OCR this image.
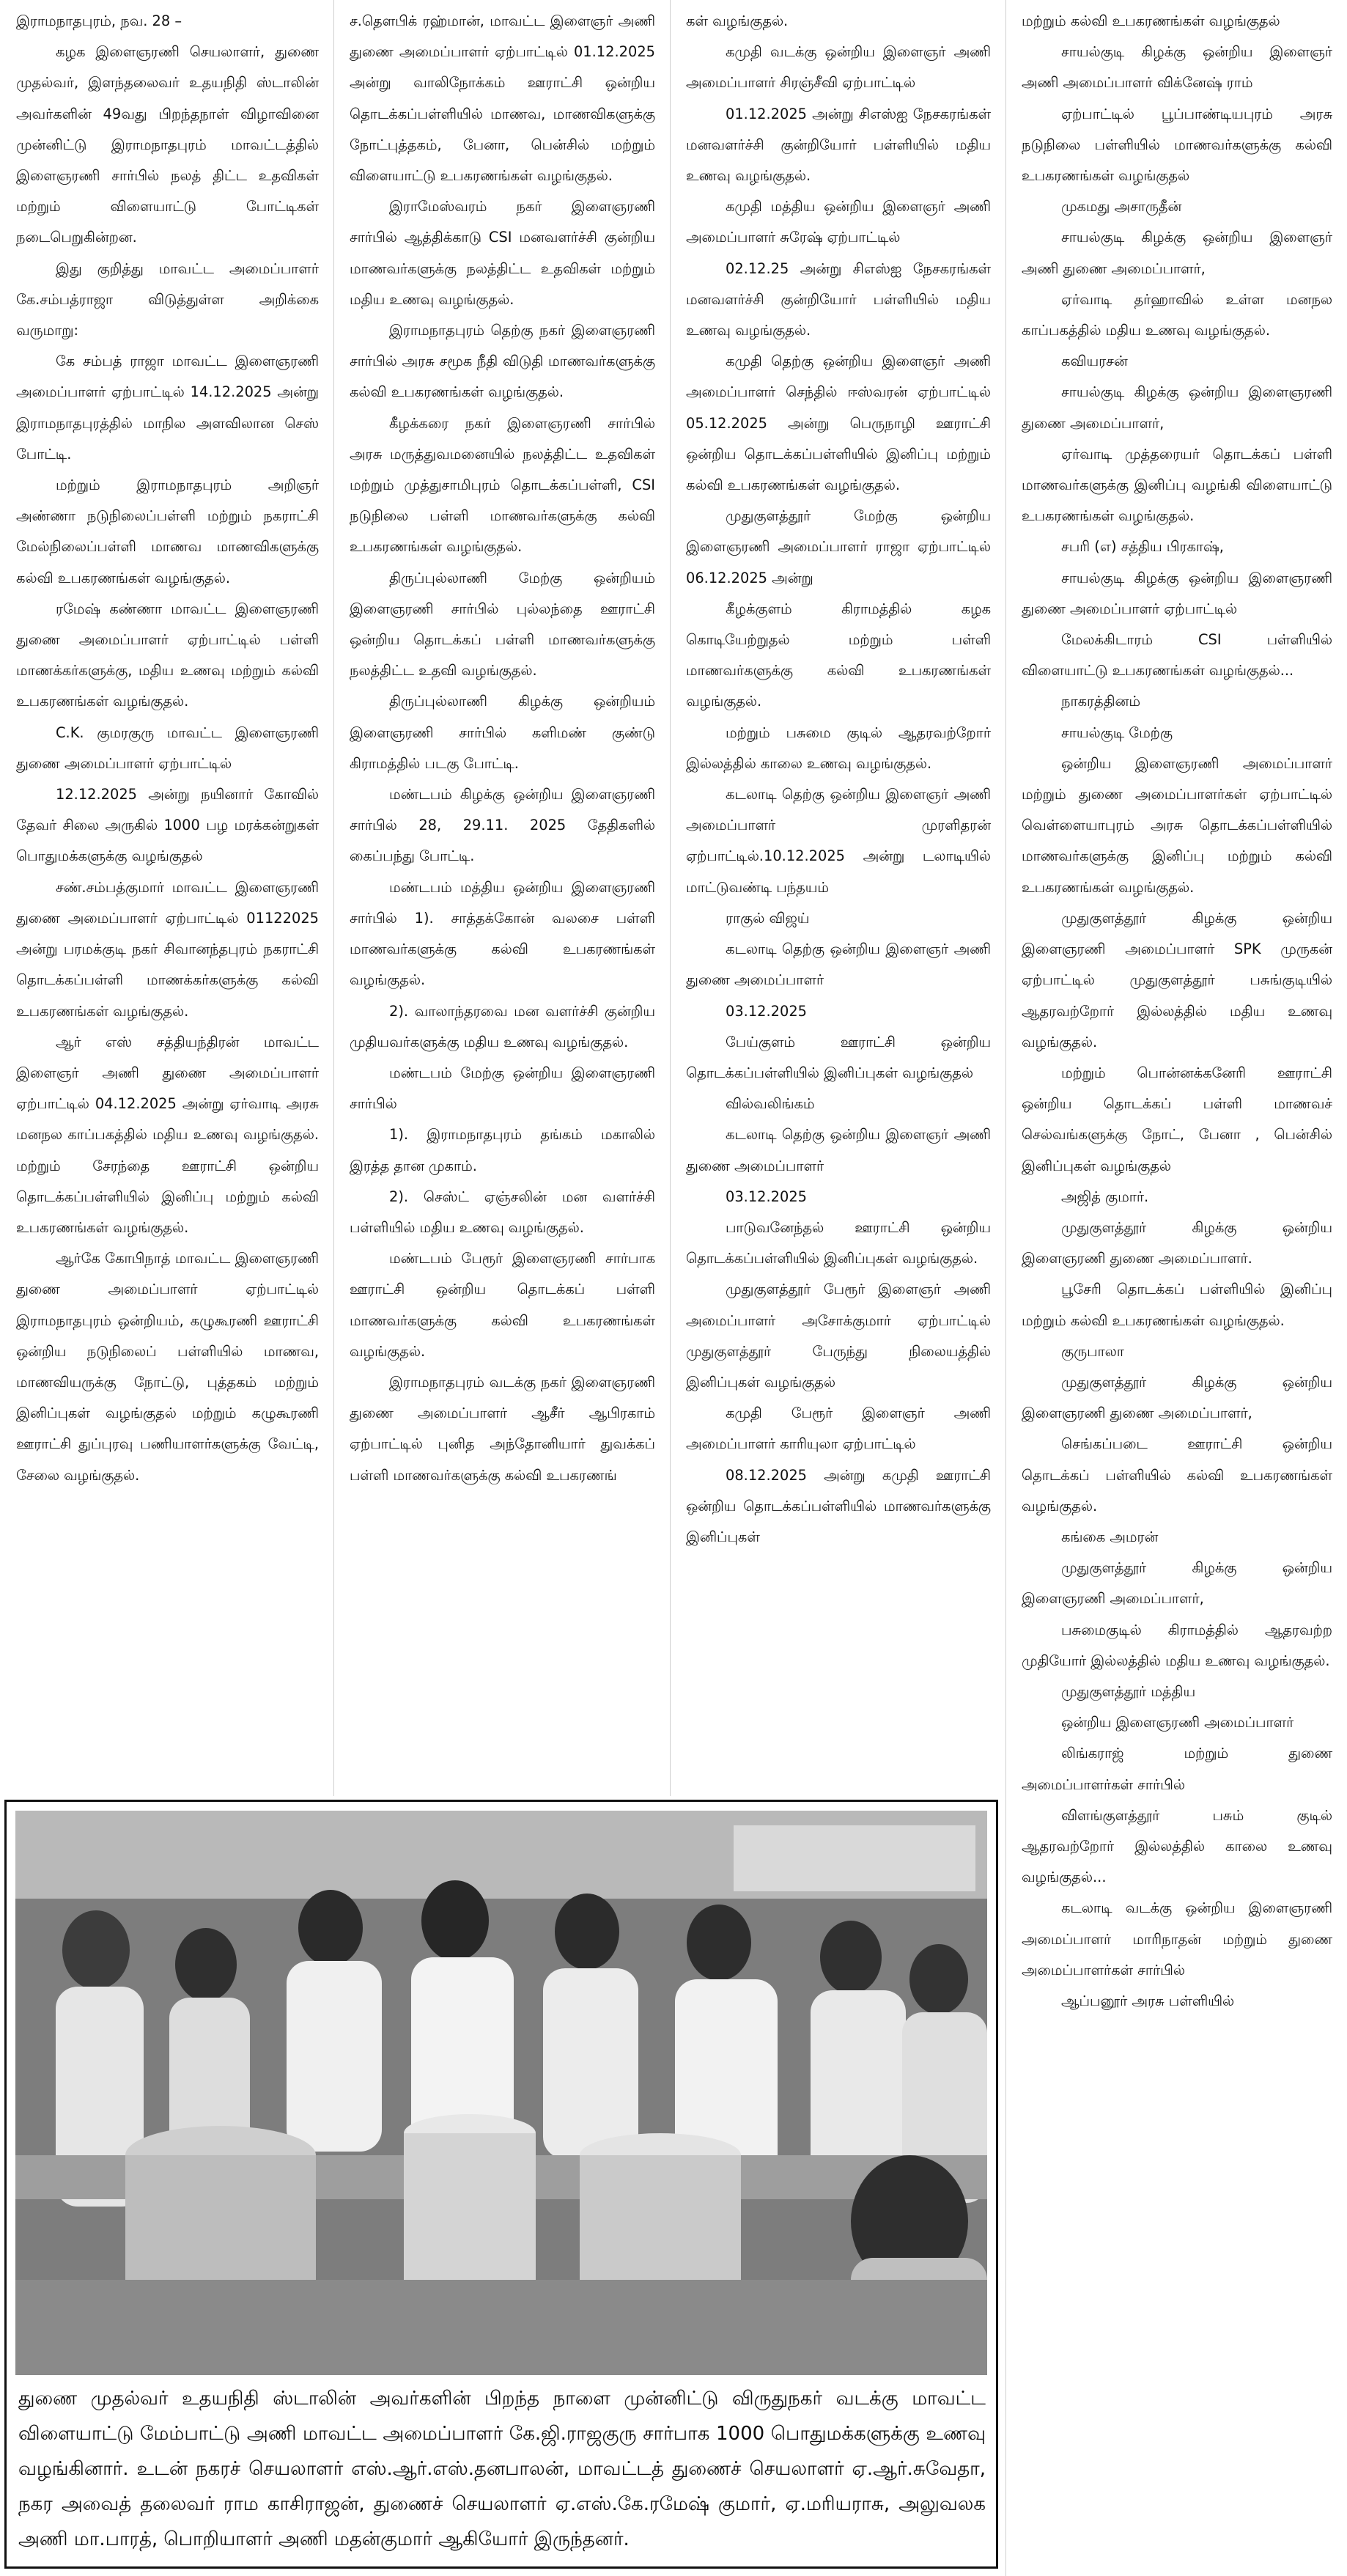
இராமநாதபுரம், நவ. 28 –

கழக இளைஞரணி செயலாளர், துணை முதல்வர், இளந்தலைவர் உதயநிதி ஸ்டாலின் அவர்களின் 49வது பிறந்தநாள் விழாவினை முன்னிட்டு இராமநாதபுரம் மாவட்டத்தில் இளைஞரணி சார்பில் நலத் திட்ட உதவிகள் மற்றும் விளையாட்டு போட்டிகள் நடைபெறுகின்றன.

இது குறித்து மாவட்ட அமைப்பாளர் கே.சம்பத்ராஜா விடுத்துள்ள அறிக்கை வருமாறு:

கே சம்பத் ராஜா மாவட்ட இளைஞரணி அமைப்பாளர் ஏற்பாட்டில் 14.12.2025 அன்று இராமநாதபுரத்தில் மாநில அளவிலான செஸ் போட்டி.

மற்றும் இராமநாதபுரம் அறிஞர் அண்ணா நடுநிலைப்பள்ளி மற்றும் நகராட்சி மேல்நிலைப்பள்ளி மாணவ மாணவிகளுக்கு கல்வி உபகரணங்கள் வழங்குதல்.

ரமேஷ் கண்ணா மாவட்ட இளைஞரணி துணை அமைப்பாளர் ஏற்பாட்டில் பள்ளி மாணக்கர்களுக்கு, மதிய உணவு மற்றும் கல்வி உபகரணங்கள் வழங்குதல்.

C.K. குமரகுரு மாவட்ட இளைஞரணி துணை அமைப்பாளர் ஏற்பாட்டில்

12.12.2025 அன்று நயினார் கோவில் தேவர் சிலை அருகில் 1000 பழ மரக்கன்றுகள் பொதுமக்களுக்கு வழங்குதல்

சண்.சம்பத்குமார் மாவட்ட இளைஞரணி துணை அமைப்பாளர் ஏற்பாட்டில் 01122025 அன்று பரமக்குடி நகர் சிவானந்தபுரம் நகராட்சி தொடக்கப்பள்ளி மாணக்கர்களுக்கு கல்வி உபகரணங்கள் வழங்குதல்.

ஆர் எஸ் சத்தியந்திரன் மாவட்ட இளைஞர் அணி துணை அமைப்பாளர் ஏற்பாட்டில் 04.12.2025 அன்று ஏர்வாடி அரசு மனநல காப்பகத்தில் மதிய உணவு வழங்குதல். மற்றும் சேரந்தை ஊராட்சி ஒன்றிய தொடக்கப்பள்ளியில் இனிப்பு மற்றும் கல்வி உபகரணங்கள் வழங்குதல்.

ஆர்கே கோபிநாத் மாவட்ட இளைஞரணி துணை அமைப்பாளர் ஏற்பாட்டில் இராமநாதபுரம் ஒன்றியம், கழுகூரணி ஊராட்சி ஒன்றிய நடுநிலைப் பள்ளியில் மாணவ, மாணவியருக்கு நோட்டு, புத்தகம் மற்றும் இனிப்புகள் வழங்குதல் மற்றும் கழுகூரணி ஊராட்சி துப்புரவு பணியாளர்களுக்கு வேட்டி, சேலை வழங்குதல்.

ச.தௌபிக் ரஹ்மான், மாவட்ட இளைஞர் அணி துணை அமைப்பாளர் ஏற்பாட்டில் 01.12.2025 அன்று வாலிநோக்கம் ஊராட்சி ஒன்றிய தொடக்கப்பள்ளியில் மாணவ, மாணவிகளுக்கு நோட்புத்தகம், பேனா, பென்சில் மற்றும் விளையாட்டு உபகரணங்கள் வழங்குதல்.

இராமேஸ்வரம் நகர் இளைஞரணி சார்பில் ஆத்திக்காடு CSI மனவளர்ச்சி குன்றிய மாணவர்களுக்கு நலத்திட்ட உதவிகள் மற்றும் மதிய உணவு வழங்குதல்.

இராமநாதபுரம் தெற்கு நகர் இளைஞரணி சார்பில் அரசு சமூக நீதி விடுதி மாணவர்களுக்கு கல்வி உபகரணங்கள் வழங்குதல்.

கீழக்கரை நகர் இளைஞரணி சார்பில் அரசு மருத்துவமனையில் நலத்திட்ட உதவிகள் மற்றும் முத்துசாமிபுரம் தொடக்கப்பள்ளி, CSI நடுநிலை பள்ளி மாணவர்களுக்கு கல்வி உபகரணங்கள் வழங்குதல்.

திருப்புல்லாணி மேற்கு ஒன்றியம் இளைஞரணி சார்பில் புல்லந்தை ஊராட்சி ஒன்றிய தொடக்கப் பள்ளி மாணவர்களுக்கு நலத்திட்ட உதவி வழங்குதல்.

திருப்புல்லாணி கிழக்கு ஒன்றியம் இளைஞரணி சார்பில் களிமண் குண்டு கிராமத்தில் படகு போட்டி.

மண்டபம் கிழக்கு ஒன்றிய இளைஞரணி சார்பில் 28, 29.11. 2025 தேதிகளில் கைப்பந்து போட்டி.

மண்டபம் மத்திய ஒன்றிய இளைஞரணி சார்பில் 1). சாத்தக்கோன் வலசை பள்ளி மாணவர்களுக்கு கல்வி உபகரணங்கள் வழங்குதல்.

2). வாலாந்தரவை மன வளர்ச்சி குன்றிய முதியவர்களுக்கு மதிய உணவு வழங்குதல்.

மண்டபம் மேற்கு ஒன்றிய இளைஞரணி சார்பில்

1). இராமநாதபுரம் தங்கம் மகாலில் இரத்த தான முகாம்.

2). செஸ்ட் ஏஞ்சலின் மன வளர்ச்சி பள்ளியில் மதிய உணவு வழங்குதல்.

மண்டபம் பேரூர் இளைஞரணி சார்பாக ஊராட்சி ஒன்றிய தொடக்கப் பள்ளி மாணவர்களுக்கு கல்வி உபகரணங்கள் வழங்குதல்.

இராமநாதபுரம் வடக்கு நகர் இளைஞரணி துணை அமைப்பாளர் ஆசீர் ஆபிரகாம் ஏற்பாட்டில் புனித அந்தோனியார் துவக்கப் பள்ளி மாணவர்களுக்கு கல்வி உபகரணங்

கள் வழங்குதல்.

கமுதி வடக்கு ஒன்றிய இளைஞர் அணி அமைப்பாளர் சிரஞ்சீவி ஏற்பாட்டில்

01.12.2025 அன்று சிஎஸ்ஐ நேசகரங்கள் மனவளர்ச்சி குன்றியோர் பள்ளியில் மதிய உணவு வழங்குதல்.

கமுதி மத்திய ஒன்றிய இளைஞர் அணி அமைப்பாளர் சுரேஷ் ஏற்பாட்டில்

02.12.25 அன்று சிஎஸ்ஐ நேசகரங்கள் மனவளர்ச்சி குன்றியோர் பள்ளியில் மதிய உணவு வழங்குதல்.

கமுதி தெற்கு ஒன்றிய இளைஞர் அணி அமைப்பாளர் செந்தில் ஈஸ்வரன் ஏற்பாட்டில் 05.12.2025 அன்று பெருநாழி ஊராட்சி ஒன்றிய தொடக்கப்பள்ளியில் இனிப்பு மற்றும் கல்வி உபகரணங்கள் வழங்குதல்.

முதுகுளத்தூர் மேற்கு ஒன்றிய இளைஞரணி அமைப்பாளர் ராஜா ஏற்பாட்டில் 06.12.2025 அன்று

கீழக்குளம் கிராமத்தில் கழக கொடியேற்றுதல் மற்றும் பள்ளி மாணவர்களுக்கு கல்வி உபகரணங்கள் வழங்குதல்.

மற்றும் பசுமை குடில் ஆதரவற்றோர் இல்லத்தில் காலை உணவு வழங்குதல்.

கடலாடி தெற்கு ஒன்றிய இளைஞர் அணி அமைப்பாளர் முரளிதரன் ஏற்பாட்டில்.10.12.2025 அன்று டலாடியில் மாட்டுவண்டி பந்தயம்

ராகுல் விஜய்

கடலாடி தெற்கு ஒன்றிய இளைஞர் அணி துணை அமைப்பாளர்

03.12.2025

பேய்குளம் ஊராட்சி ஒன்றிய தொடக்கப்பள்ளியில் இனிப்புகள் வழங்குதல்

வில்வலிங்கம்

கடலாடி தெற்கு ஒன்றிய இளைஞர் அணி துணை அமைப்பாளர்

03.12.2025

பாடுவனேந்தல் ஊராட்சி ஒன்றிய தொடக்கப்பள்ளியில் இனிப்புகள் வழங்குதல்.

முதுகுளத்தூர் பேரூர் இளைஞர் அணி அமைப்பாளர் அசோக்குமார் ஏற்பாட்டில் முதுகுளத்தூர் பேருந்து நிலையத்தில் இனிப்புகள் வழங்குதல்

கமுதி பேரூர் இளைஞர் அணி அமைப்பாளர் காரியுலா ஏற்பாட்டில்

08.12.2025 அன்று கமுதி ஊராட்சி ஒன்றிய தொடக்கப்பள்ளியில் மாணவர்களுக்கு இனிப்புகள்

மற்றும் கல்வி உபகரணங்கள் வழங்குதல்

சாயல்குடி கிழக்கு ஒன்றிய இளைஞர் அணி அமைப்பாளர் விக்னேஷ் ராம்

ஏற்பாட்டில் பூப்பாண்டியபுரம் அரசு நடுநிலை பள்ளியில் மாணவர்களுக்கு கல்வி உபகரணங்கள் வழங்குதல்

முகமது அசாருதீன்

சாயல்குடி கிழக்கு ஒன்றிய இளைஞர் அணி துணை அமைப்பாளர்,

ஏர்வாடி தர்ஹாவில் உள்ள மனநல காப்பகத்தில் மதிய உணவு வழங்குதல்.

கவியரசன்

சாயல்குடி கிழக்கு ஒன்றிய இளைஞரணி துணை அமைப்பாளர்,

ஏர்வாடி முத்தரையர் தொடக்கப் பள்ளி மாணவர்களுக்கு இனிப்பு வழங்கி விளையாட்டு உபகரணங்கள் வழங்குதல்.

சபரி (எ) சத்திய பிரகாஷ்,

சாயல்குடி கிழக்கு ஒன்றிய இளைஞரணி துணை அமைப்பாளர் ஏற்பாட்டில்

மேலக்கிடாரம் CSI பள்ளியில் விளையாட்டு உபகரணங்கள் வழங்குதல்...

நாகரத்தினம்

சாயல்குடி மேற்கு

ஒன்றிய இளைஞரணி அமைப்பாளர் மற்றும் துணை அமைப்பாளர்கள் ஏற்பாட்டில் வெள்ளையாபுரம் அரசு தொடக்கப்பள்ளியில் மாணவர்களுக்கு இனிப்பு மற்றும் கல்வி உபகரணங்கள் வழங்குதல்.

முதுகுளத்தூர் கிழக்கு ஒன்றிய இளைஞரணி அமைப்பாளர் SPK முருகன் ஏற்பாட்டில் முதுகுளத்தூர் பசுங்குடியில் ஆதரவற்றோர் இல்லத்தில் மதிய உணவு வழங்குதல்.

மற்றும் பொன்னக்கனேரி ஊராட்சி ஒன்றிய தொடக்கப் பள்ளி மாணவச் செல்வங்களுக்கு நோட், பேனா , பென்சில் இனிப்புகள் வழங்குதல்

அஜித் குமார்.

முதுகுளத்தூர் கிழக்கு ஒன்றிய இளைஞரணி துணை அமைப்பாளர்.

பூசேரி தொடக்கப் பள்ளியில் இனிப்பு மற்றும் கல்வி உபகரணங்கள் வழங்குதல்.

குருபாலா

முதுகுளத்தூர் கிழக்கு ஒன்றிய இளைஞரணி துணை அமைப்பாளர்,

செங்கப்படை ஊராட்சி ஒன்றிய தொடக்கப் பள்ளியில் கல்வி உபகரணங்கள் வழங்குதல்.

கங்கை அமரன்

முதுகுளத்தூர் கிழக்கு ஒன்றிய இளைஞரணி அமைப்பாளர்,

பசுமைகுடில் கிராமத்தில் ஆதரவற்ற முதியோர் இல்லத்தில் மதிய உணவு வழங்குதல்.

முதுகுளத்தூர் மத்திய

ஒன்றிய இளைஞரணி அமைப்பாளர்

லிங்கராஜ் மற்றும் துணை அமைப்பாளர்கள் சார்பில்

விளங்குளத்தூர் பசும் குடில் ஆதரவற்றோர் இல்லத்தில் காலை உணவு வழங்குதல்...

கடலாடி வடக்கு ஒன்றிய இளைஞரணி அமைப்பாளர் மாரிநாதன் மற்றும் துணை அமைப்பாளர்கள் சார்பில்

ஆப்பனூர் அரசு பள்ளியில்

துணை முதல்வர் உதயநிதி ஸ்டாலின் அவர்களின் பிறந்த நாளை முன்னிட்டு விருதுநகர் வடக்கு மாவட்ட விளையாட்டு மேம்பாட்டு அணி மாவட்ட அமைப்பாளர் கே.ஜி.ராஜகுரு சார்பாக 1000 பொதுமக்களுக்கு உணவு வழங்கினார். உடன் நகரச் செயலாளர் எஸ்.ஆர்.எஸ்.தனபாலன், மாவட்டத் துணைச் செயலாளர் ஏ.ஆர்.சுவேதா, நகர அவைத் தலைவர் ராம காசிராஜன், துணைச் செயலாளர் ஏ.எஸ்.கே.ரமேஷ் குமார், ஏ.மரியராசு, அலுவலக அணி மா.பாரத், பொறியாளர் அணி மதன்குமார் ஆகியோர் இருந்தனர்.
